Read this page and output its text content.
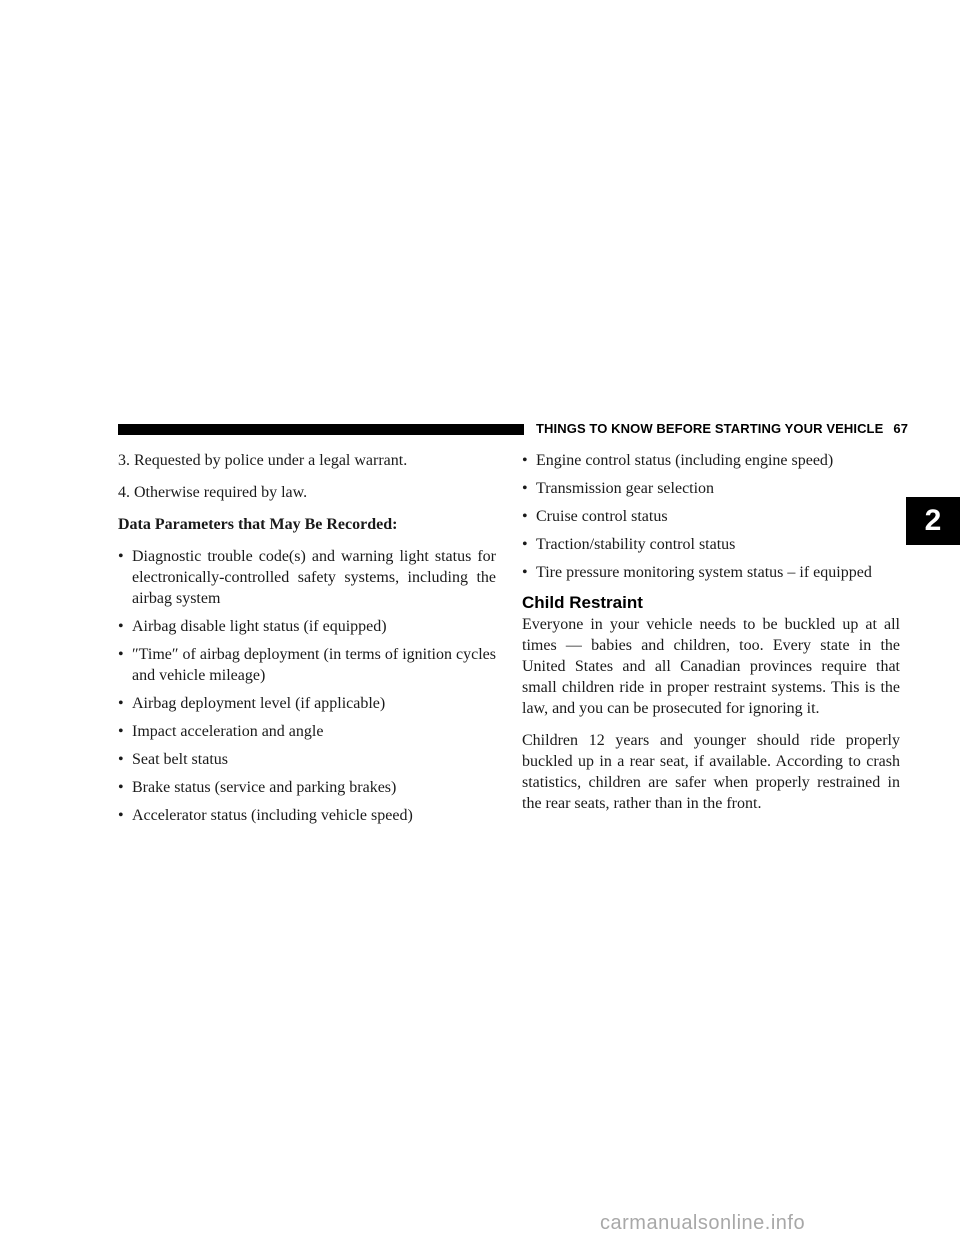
THINGS TO KNOW BEFORE STARTING YOUR VEHICLE 67
2

3. Requested by police under a legal warrant.

4. Otherwise required by law.

Data Parameters that May Be Recorded:

• Diagnostic trouble code(s) and warning light status for electronically-controlled safety systems, including the airbag system
• Airbag disable light status (if equipped)
• ″Time″ of airbag deployment (in terms of ignition cycles and vehicle mileage)
• Airbag deployment level (if applicable)
• Impact acceleration and angle
• Seat belt status
• Brake status (service and parking brakes)
• Accelerator status (including vehicle speed)
• Engine control status (including engine speed)
• Transmission gear selection
• Cruise control status
• Traction/stability control status
• Tire pressure monitoring system status – if equipped
Child Restraint

Everyone in your vehicle needs to be buckled up at all times — babies and children, too. Every state in the United States and all Canadian provinces require that small children ride in proper restraint systems. This is the law, and you can be prosecuted for ignoring it.

Children 12 years and younger should ride properly buckled up in a rear seat, if available. According to crash statistics, children are safer when properly restrained in the rear seats, rather than in the front.

carmanualsonline.info
